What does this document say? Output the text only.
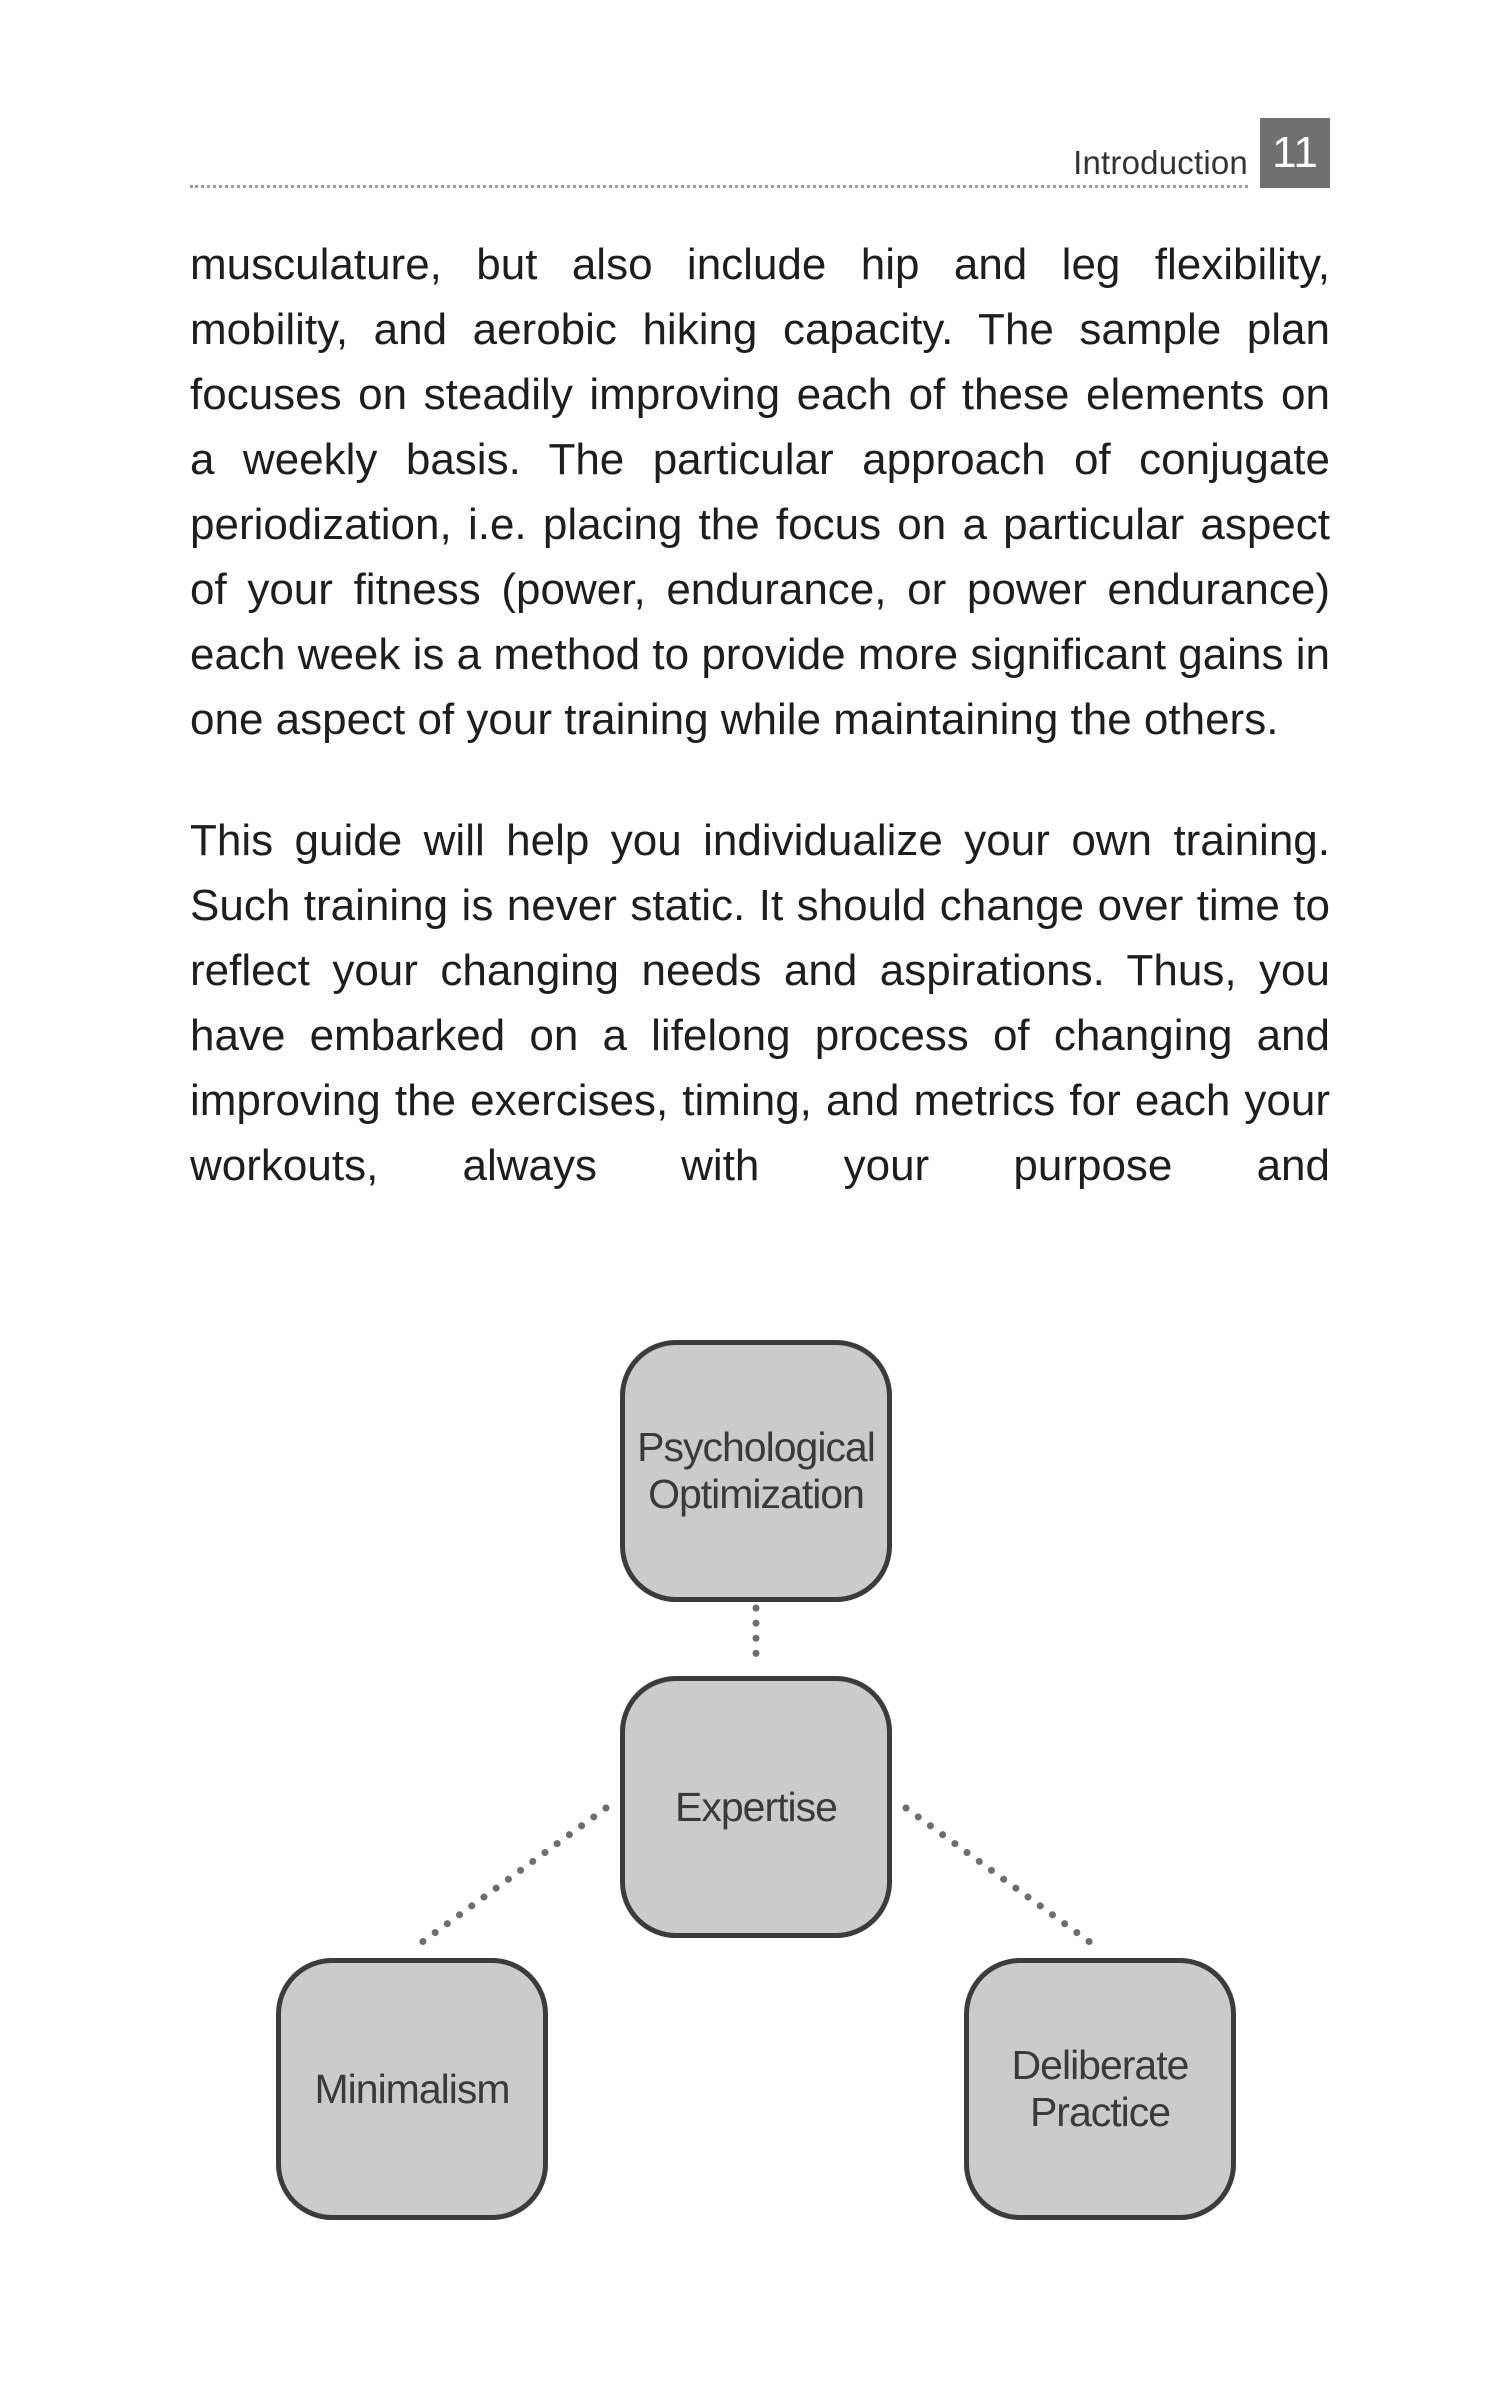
Introduction 11

musculature, but also include hip and leg flexibility, mobility, and aerobic hiking capacity. The sample plan focuses on steadily improving each of these elements on a weekly basis. The particular approach of conjugate periodization, i.e. placing the focus on a particular aspect of your fitness (power, endurance, or power endurance) each week is a method to provide more significant gains in one aspect of your training while maintaining the others.

This guide will help you individualize your own training. Such training is never static. It should change over time to reflect your changing needs and aspirations. Thus, you have embarked on a lifelong process of changing and improving the exercises, timing, and metrics for each your workouts, always with your purpose and

Psychological
Optimization
Expertise
Minimalism
Deliberate
Practice
